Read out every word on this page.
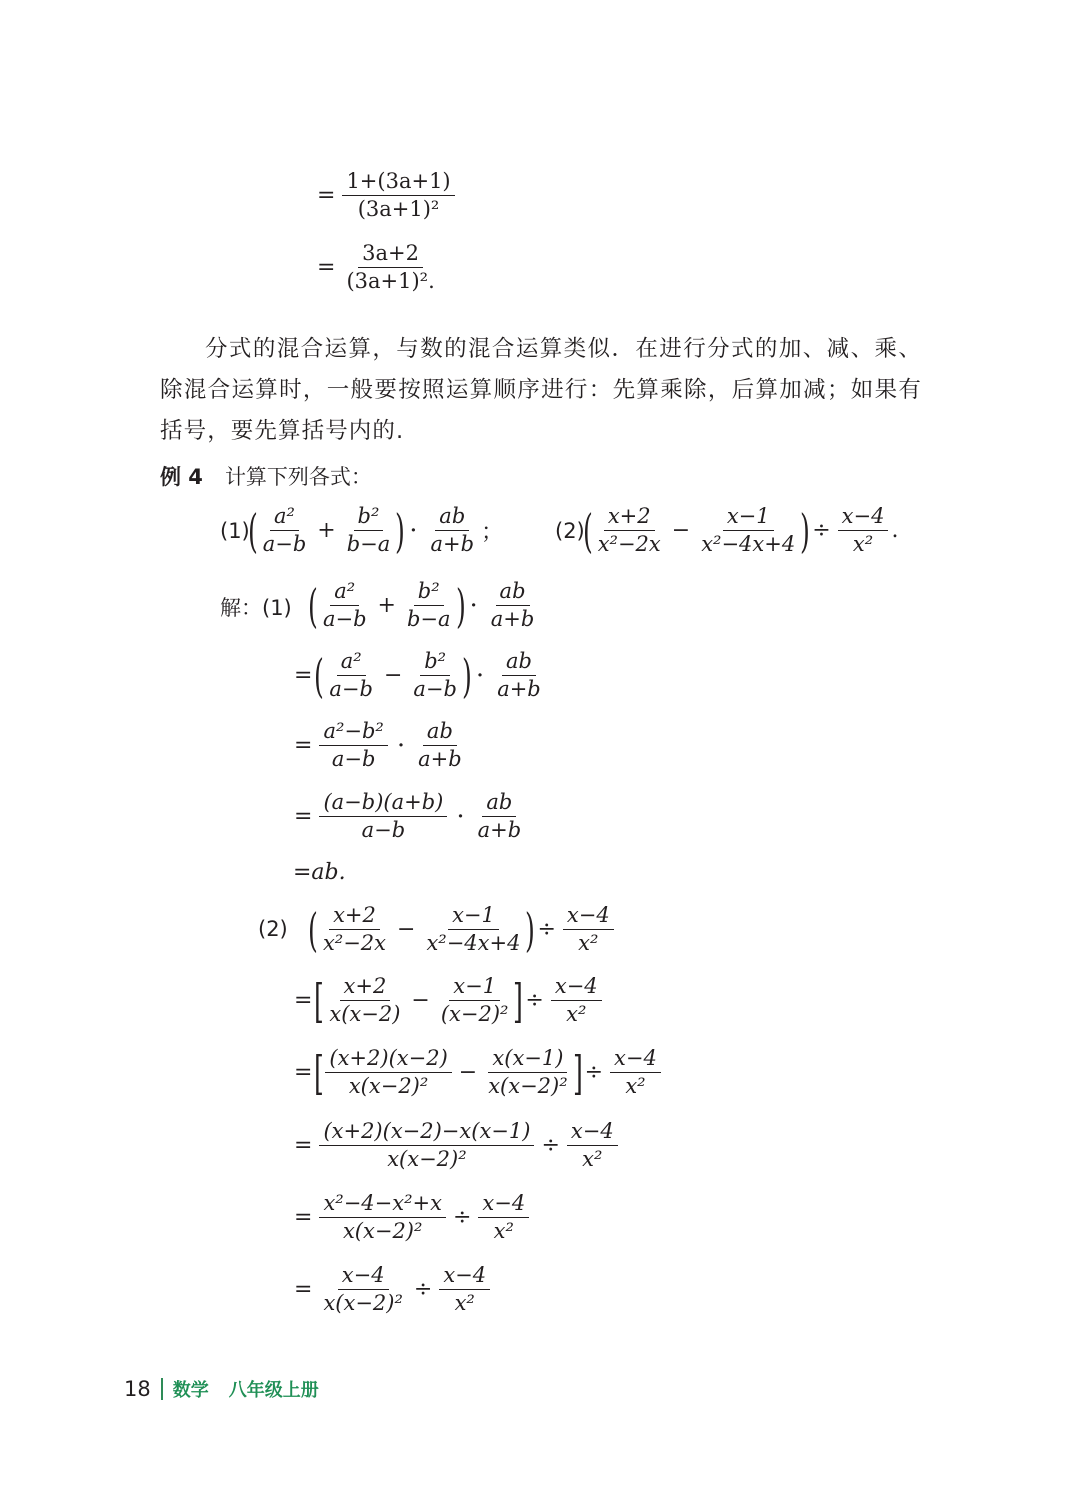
= $\frac{1+(3a+1)}{\text{(3a+1)²}}$
= $\frac{3a+2}{\text{(3a+1)².}}$
分式的混合运算，与数的混合运算类似．在进行分式的加、减、乘、除混合运算时，一般要按照运算顺序进行：先算乘除，后算加减；如果有括号，要先算括号内的.
例 4 计算下列各式：
(1)
( $\frac{\text{a²}}{a-b} + \frac{\text{b²}}{b-a}$ ) · $\frac{ab}{a+b}$ ； (2)
( $\frac{x+2}{\text{x²−2x}} - \frac{x-1}{\text{x²−4x+4}}$ ) ÷ $\frac{x-4}{\text{x²}}$ .
解：(1) ( $\frac{\text{a²}}{a-b} + \frac{\text{b²}}{b-a}$ ) · $\frac{ab}{a+b}$
= ( $\frac{\text{a²}}{a-b} - \frac{\text{b²}}{a-b}$ ) · $\frac{ab}{a+b}$
= $\frac{\text{a²−b²}}{a-b} \cdot \frac{ab}{a+b}$
= $\frac{(a-b)(a+b)}{a-b} \cdot \frac{ab}{a+b}$
=ab.
(2) ( $\frac{x+2}{\text{x²−2x}} - \frac{x-1}{\text{x²−4x+4}}$ ) ÷ $\frac{x-4}{\text{x²}}$
= [ $\frac{x+2}{x(x-2)} - \frac{x-1}{\text{(x−2)²}}$ ] ÷ $\frac{x-4}{\text{x²}}$
= [ $\frac{(x+2)(x-2)}{\text{x(x−2)²}} - \frac{x(x-1)}{\text{x(x−2)²}}$ ] ÷ $\frac{x-4}{\text{x²}}$
= $\frac{(x+2)(x-2)-x(x-1)}{\text{x(x−2)²}} \div \frac{x-4}{\text{x²}}$
= $\frac{\text{x²−4−x²+x}}{\text{x(x−2)²}} \div \frac{x-4}{\text{x²}}$
= $\frac{x-4}{\text{x(x−2)²}} \div \frac{x-4}{\text{x²}}$
18 数学 八年级上册
